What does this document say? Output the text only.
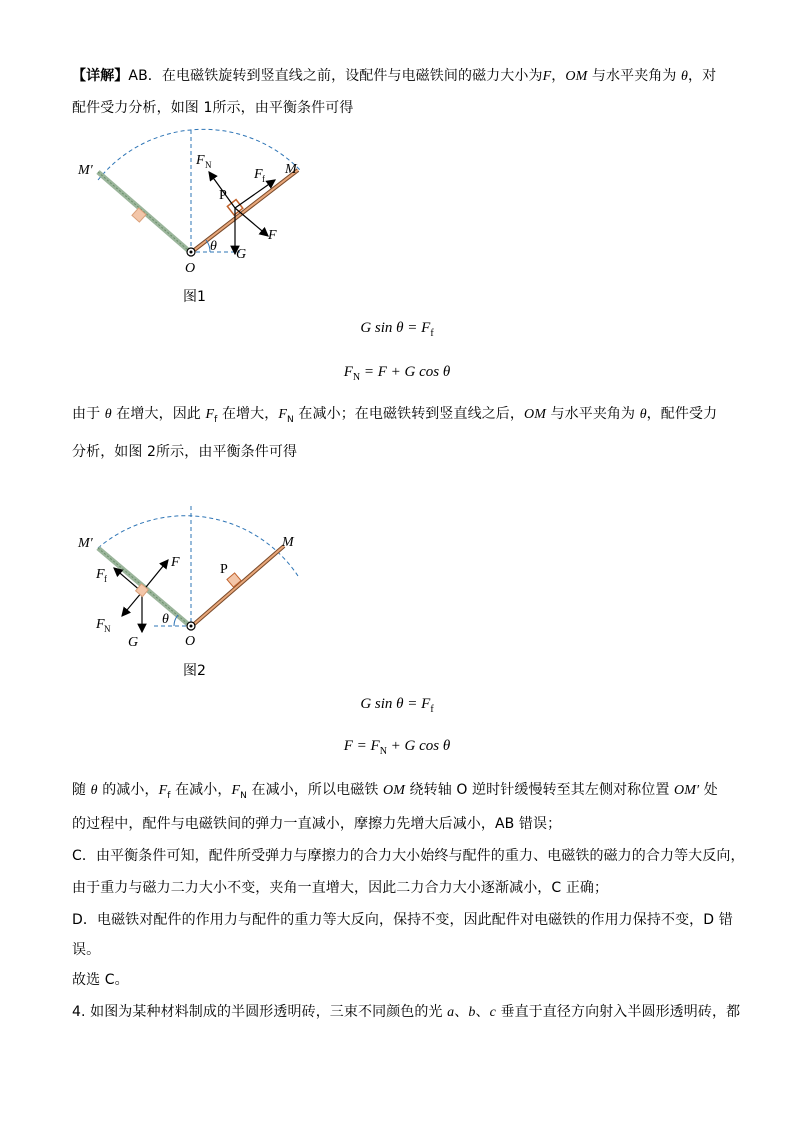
【详解】AB．在电磁铁旋转到竖直线之前，设配件与电磁铁间的磁力大小为F，OM 与水平夹角为 θ，对
配件受力分析，如图 1所示，由平衡条件可得
M′	M
O
P
F N
F f
F
G
θ
图1
G $\sin \theta = F_f$
$F_N = F + G$ cos θ
由于 θ 在增大，因此 $F_f$ 在增大，$F_N$ 在减小；在电磁铁转到竖直线之后，OM 与水平夹角为 θ，配件受力
分析，如图 2所示，由平衡条件可得
M′	M
O
P
F
F f
F N
G
θ
图2
G $\sin \theta = F_f$
$F = F_N + G$ cos θ
随 θ 的减小，$F_f$ 在减小，$F_N$ 在减小，所以电磁铁 OM 绕转轴 O 逆时针缓慢转至其左侧对称位置 OM′ 处
的过程中，配件与电磁铁间的弹力一直减小，摩擦力先增大后减小，AB 错误；
C．由平衡条件可知，配件所受弹力与摩擦力的合力大小始终与配件的重力、电磁铁的磁力的合力等大反向，
由于重力与磁力二力大小不变，夹角一直增大，因此二力合力大小逐渐减小，C 正确；
D．电磁铁对配件的作用力与配件的重力等大反向，保持不变，因此配件对电磁铁的作用力保持不变，D 错
误。
故选 C。
4. 如图为某种材料制成的半圆形透明砖，三束不同颜色的光 a、b、c 垂直于直径方向射入半圆形透明砖，都
